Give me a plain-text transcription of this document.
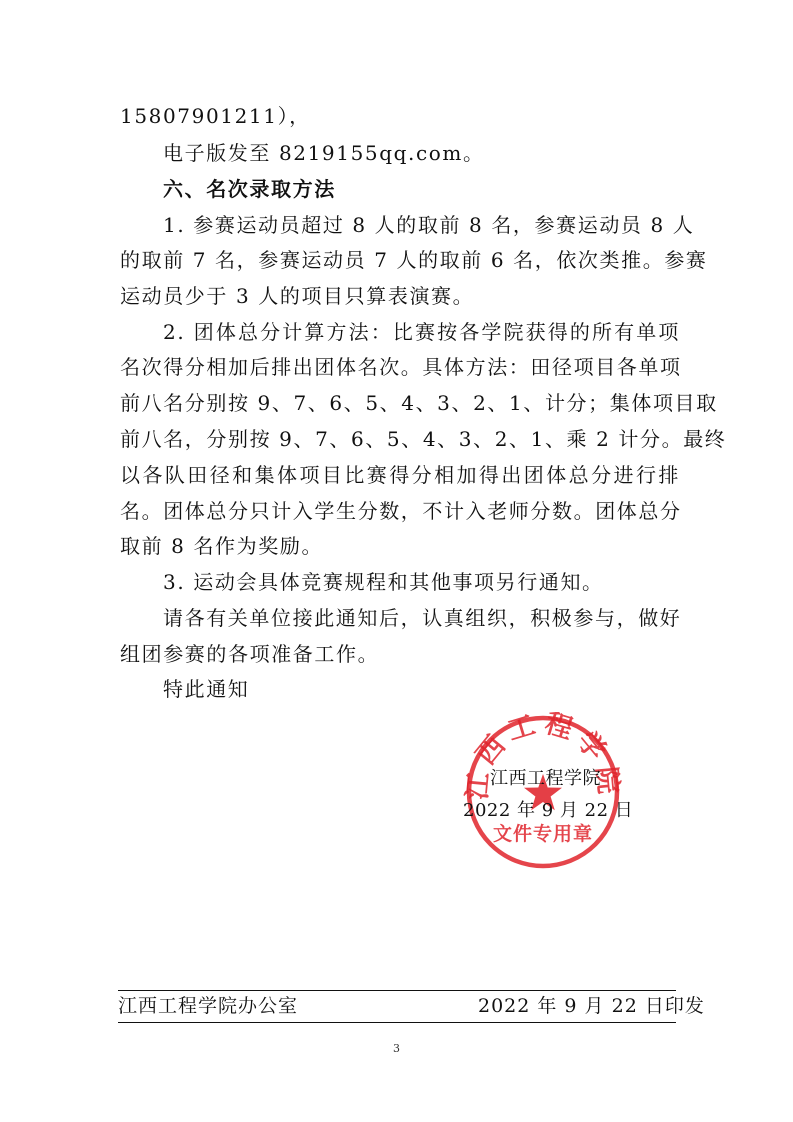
15807901211），
电子版发至 8219155qq.com。
六、名次录取方法
1. 参赛运动员超过 8 人的取前 8 名，参赛运动员 8 人
的取前 7 名，参赛运动员 7 人的取前 6 名，依次类推。参赛
运动员少于 3 人的项目只算表演赛。
2. 团体总分计算方法：比赛按各学院获得的所有单项
名次得分相加后排出团体名次。具体方法：田径项目各单项
前八名分别按 9、7、6、5、4、3、2、1、计分；集体项目取
前八名，分别按 9、7、6、5、4、3、2、1、乘 2 计分。最终
以各队田径和集体项目比赛得分相加得出团体总分进行排
名。团体总分只计入学生分数，不计入老师分数。团体总分
取前 8 名作为奖励。
3. 运动会具体竞赛规程和其他事项另行通知。
请各有关单位接此通知后，认真组织，积极参与，做好
组团参赛的各项准备工作。
特此通知
江西工程学院
文件专用章
江西工程学院
2022 年 9 月 22 日
江西工程学院办公室	2022 年 9 月 22 日印发
3
